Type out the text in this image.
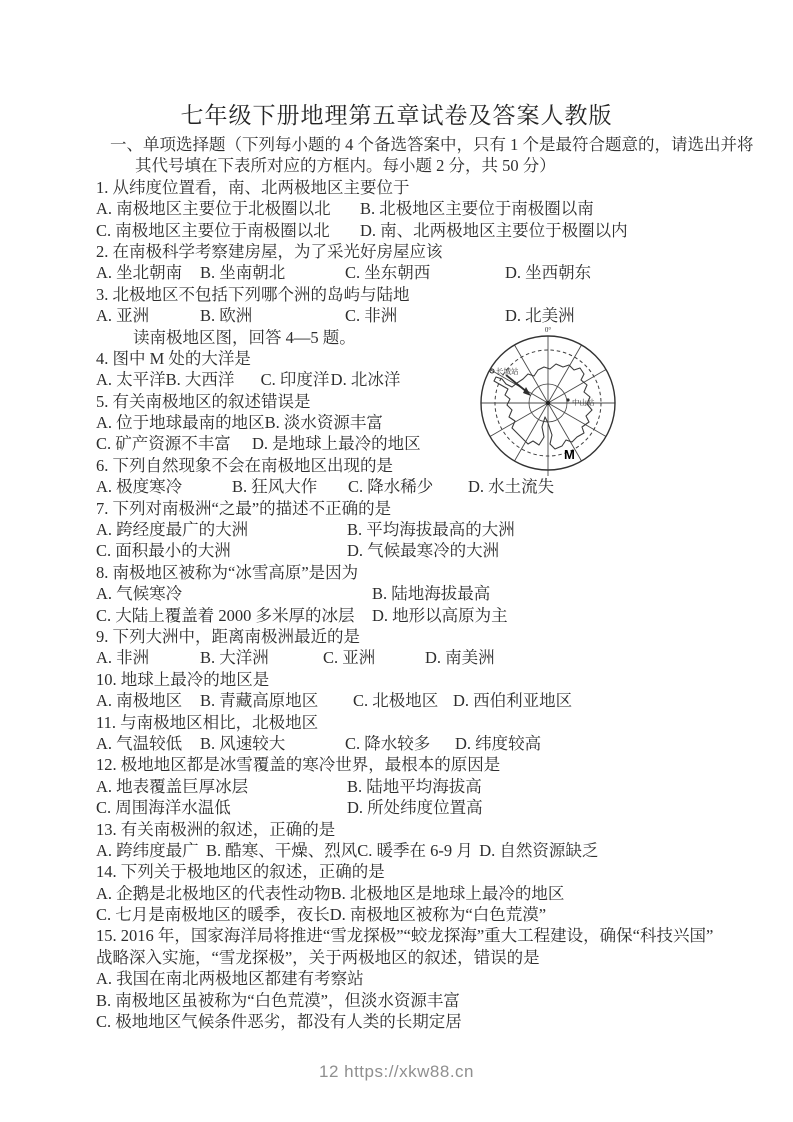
七年级下册地理第五章试卷及答案人教版
一、单项选择题（下列每小题的 4 个备选答案中，只有 1 个是最符合题意的，请选出并将
其代号填在下表所对应的方框内。每小题 2 分，共 50 分）
1. 从纬度位置看，南、北两极地区主要位于
A. 南极地区主要位于北极圈以北 B. 北极地区主要位于南极圈以南
C. 南极地区主要位于南极圈以北 D. 南、北两极地区主要位于极圈以内
2. 在南极科学考察建房屋，为了采光好房屋应该
A. 坐北朝南 B. 坐南朝北	C. 坐东朝西	D. 坐西朝东
3. 北极地区不包括下列哪个洲的岛屿与陆地
A. 亚洲	B. 欧洲	C. 非洲	D. 北美洲
读南极地区图，回答 4—5 题。
4. 图中 M 处的大洋是
A. 太平洋B. 大西洋 C. 印度洋D. 北冰洋
5. 有关南极地区的叙述错误是
A. 位于地球最南的地区B. 淡水资源丰富
C. 矿产资源不丰富 D. 是地球上最冷的地区
6. 下列自然现象不会在南极地区出现的是
A. 极度寒冷	B. 狂风大作 C. 降水稀少 D. 水土流失
7. 下列对南极洲“之最”的描述不正确的是
A. 跨经度最广的大洲	B. 平均海拔最高的大洲
C. 面积最小的大洲	D. 气候最寒冷的大洲
8. 南极地区被称为“冰雪高原”是因为
A. 气候寒冷	B. 陆地海拔最高
C. 大陆上覆盖着 2000 多米厚的冰层 D. 地形以高原为主
9. 下列大洲中，距离南极洲最近的是
A. 非洲	B. 大洋洲	C. 亚洲	D. 南美洲
10. 地球上最冷的地区是
A. 南极地区 B. 青藏高原地区 C. 北极地区 D. 西伯利亚地区
11. 与南极地区相比，北极地区
A. 气温较低 B. 风速较大	C. 降水较多 D. 纬度较高
12. 极地地区都是冰雪覆盖的寒冷世界，最根本的原因是
A. 地表覆盖巨厚冰层	B. 陆地平均海拔高
C. 周围海洋水温低	D. 所处纬度位置高
13. 有关南极洲的叙述，正确的是
A. 跨纬度最广 B. 酷寒、干燥、烈风C. 暖季在 6-9 月 D. 自然资源缺乏
14. 下列关于极地地区的叙述，正确的是
A. 企鹅是北极地区的代表性动物B. 北极地区是地球上最冷的地区
C. 七月是南极地区的暖季，夜长D. 南极地区被称为“白色荒漠”
15. 2016 年，国家海洋局将推进“雪龙探极”“蛟龙探海”重大工程建设，确保“科技兴国”
战略深入实施，“雪龙探极”，关于两极地区的叙述，错误的是
A. 我国在南北两极地区都建有考察站
B. 南极地区虽被称为“白色荒漠”，但淡水资源丰富
C. 极地地区气候条件恶劣，都没有人类的长期定居
长城站
中山站
0°
M
12 https://xkw88.cn
